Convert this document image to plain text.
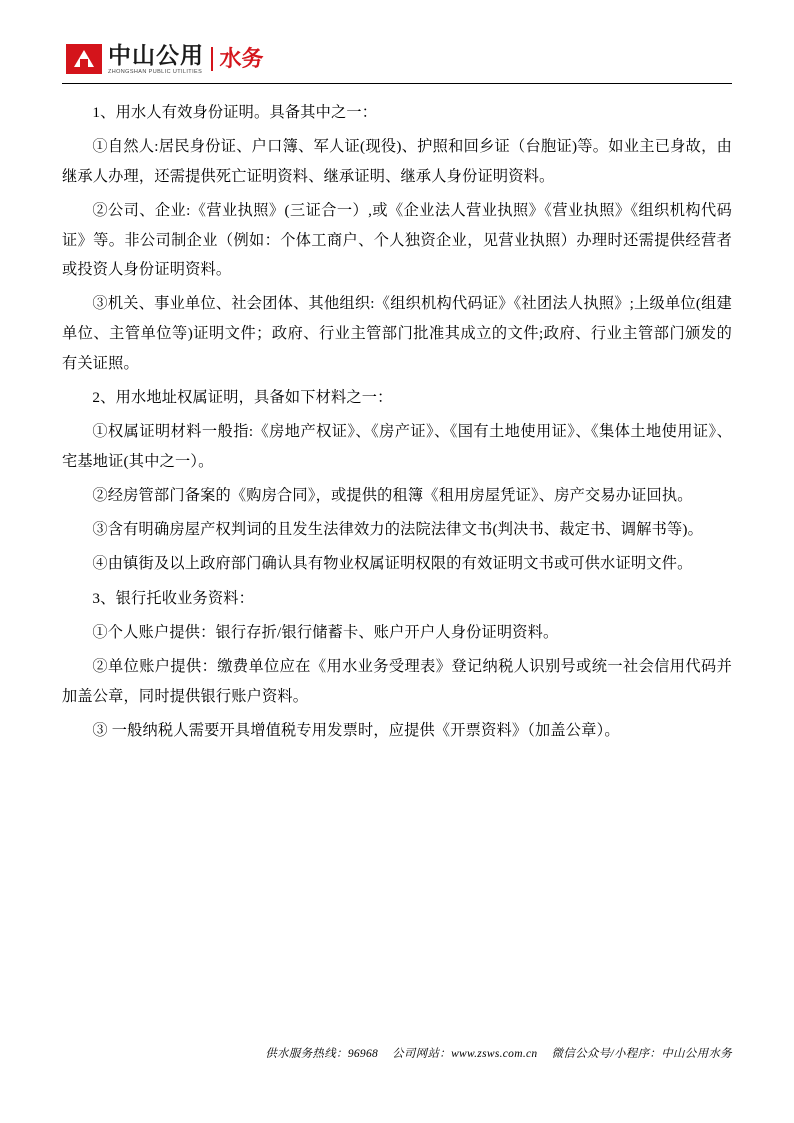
中山公用
ZHONGSHAN PUBLIC UTILITIES
水务

1、用水人有效身份证明。具备其中之一：

①自然人:居民身份证、户口簿、军人证(现役)、护照和回乡证（台胞证)等。如业主已身故，由继承人办理，还需提供死亡证明资料、继承证明、继承人身份证明资料。

②公司、企业:《营业执照》(三证合一）,或《企业法人营业执照》《营业执照》《组织机构代码证》等。非公司制企业（例如：个体工商户、个人独资企业，见营业执照）办理时还需提供经营者或投资人身份证明资料。

③机关、事业单位、社会团体、其他组织:《组织机构代码证》《社团法人执照》;上级单位(组建单位、主管单位等)证明文件；政府、行业主管部门批准其成立的文件;政府、行业主管部门颁发的有关证照。

2、用水地址权属证明，具备如下材料之一：

①权属证明材料一般指:《房地产权证》、《房产证》、《国有土地使用证》、《集体土地使用证》、宅基地证(其中之一）。

②经房管部门备案的《购房合同》，或提供的租簿《租用房屋凭证》、房产交易办证回执。

③含有明确房屋产权判词的且发生法律效力的法院法律文书(判决书、裁定书、调解书等)。

④由镇街及以上政府部门确认具有物业权属证明权限的有效证明文书或可供水证明文件。

3、银行托收业务资料：

①个人账户提供：银行存折/银行储蓄卡、账户开户人身份证明资料。

②单位账户提供：缴费单位应在《用水业务受理表》登记纳税人识别号或统一社会信用代码并加盖公章，同时提供银行账户资料。

③ 一般纳税人需要开具增值税专用发票时，应提供《开票资料》（加盖公章）。

供水服务热线：96968 公司网站：www.zsws.com.cn 微信公众号/小程序：中山公用水务
